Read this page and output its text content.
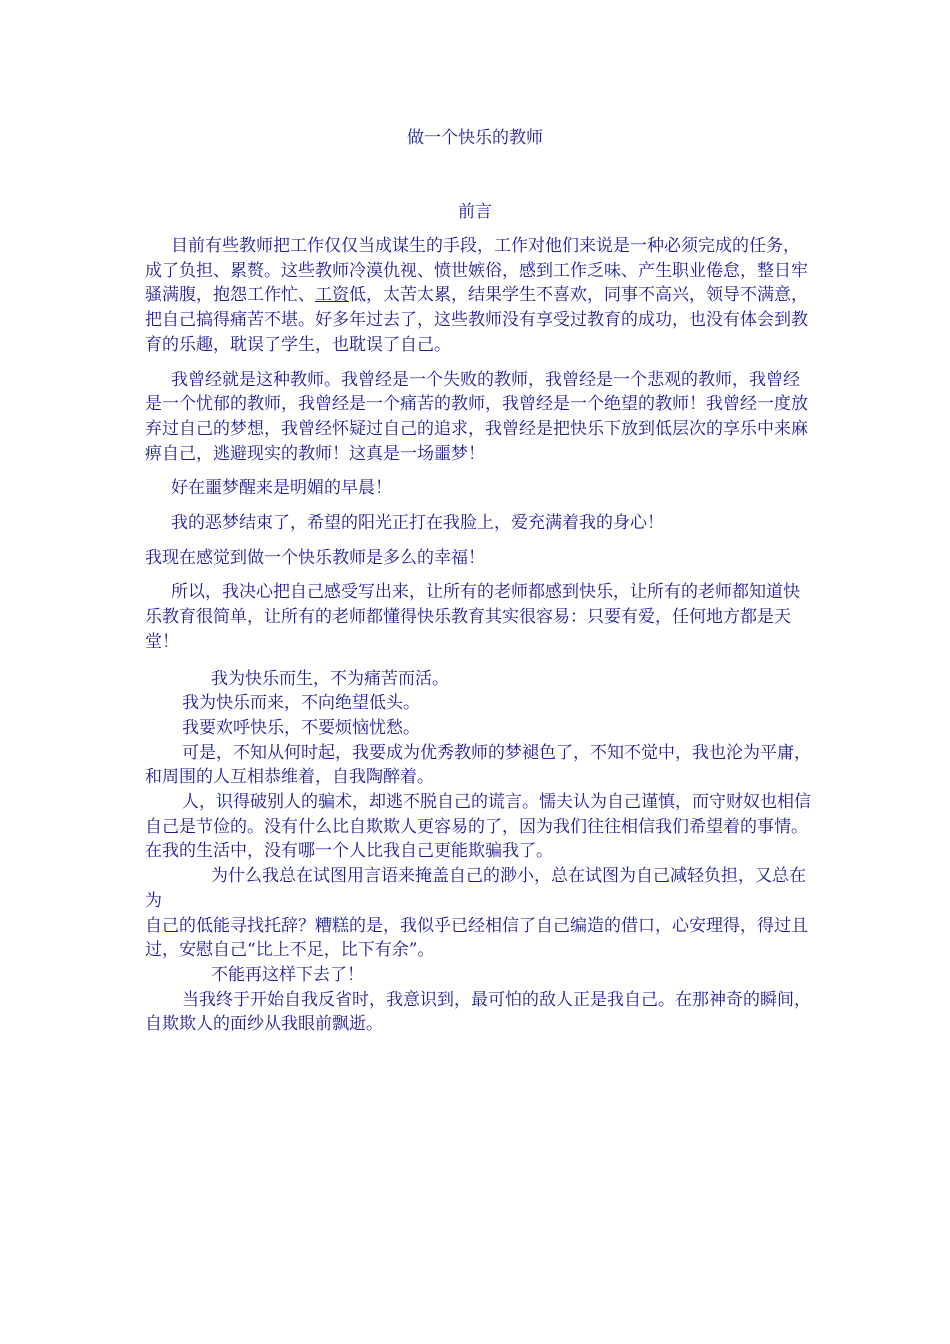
做一个快乐的教师
前言

目前有些教师把工作仅仅当成谋生的手段，工作对他们来说是一种必须完成的任务，成了负担、累赘。这些教师冷漠仇视、愤世嫉俗，感到工作乏味、产生职业倦怠，整日牢骚满腹，抱怨工作忙、工资低，太苦太累，结果学生不喜欢，同事不高兴，领导不满意，把自己搞得痛苦不堪。好多年过去了，这些教师没有享受过教育的成功，也没有体会到教育的乐趣，耽误了学生，也耽误了自己。

我曾经就是这种教师。我曾经是一个失败的教师，我曾经是一个悲观的教师，我曾经是一个忧郁的教师，我曾经是一个痛苦的教师，我曾经是一个绝望的教师！我曾经一度放弃过自己的梦想，我曾经怀疑过自己的追求，我曾经是把快乐下放到低层次的享乐中来麻痹自己，逃避现实的教师！这真是一场噩梦！

好在噩梦醒来是明媚的早晨！

我的恶梦结束了，希望的阳光正打在我脸上，爱充满着我的身心！

我现在感觉到做一个快乐教师是多么的幸福！

所以，我决心把自己感受写出来，让所有的老师都感到快乐，让所有的老师都知道快乐教育很简单，让所有的老师都懂得快乐教育其实很容易：只要有爱，任何地方都是天堂！

我为快乐而生，不为痛苦而活。

我为快乐而来，不向绝望低头。

我要欢呼快乐，不要烦恼忧愁。

可是，不知从何时起，我要成为优秀教师的梦褪色了，不知不觉中，我也沦为平庸，

和周围的人互相恭维着，自我陶醉着。

人，识得破别人的骗术，却逃不脱自己的谎言。懦夫认为自己谨慎，而守财奴也相信

自己是节俭的。没有什么比自欺欺人更容易的了，因为我们往往相信我们希望着的事情。

在我的生活中，没有哪一个人比我自己更能欺骗我了。

为什么我总在试图用言语来掩盖自己的渺小，总在试图为自己减轻负担，又总在为

自己的低能寻找托辞？糟糕的是，我似乎已经相信了自己编造的借口，心安理得，得过且

过，安慰自己“比上不足，比下有余”。

不能再这样下去了！

当我终于开始自我反省时，我意识到，最可怕的敌人正是我自己。在那神奇的瞬间，

自欺欺人的面纱从我眼前飘逝。
